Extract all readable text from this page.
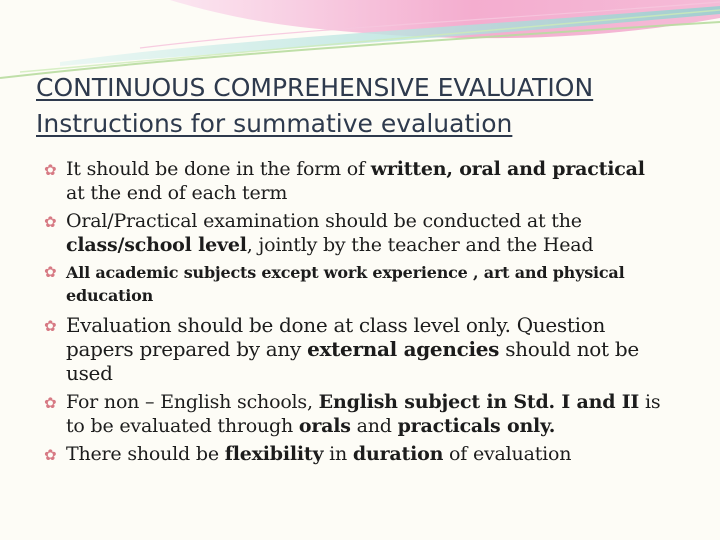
CONTINUOUS COMPREHENSIVE EVALUATION
Instructions for summative evaluation
✿ It should be done in the form of written, oral and practical at the end of each term
✿ Oral/Practical examination should be conducted at the class/school level, jointly by the teacher and the Head
✿ All academic subjects except work experience , art and physical education
✿ Evaluation should be done at class level only. Question papers prepared by any external agencies should not be used
✿ For non – English schools, English subject in Std. I and II is to be evaluated through orals and practicals only.
✿ There should be flexibility in duration of evaluation
